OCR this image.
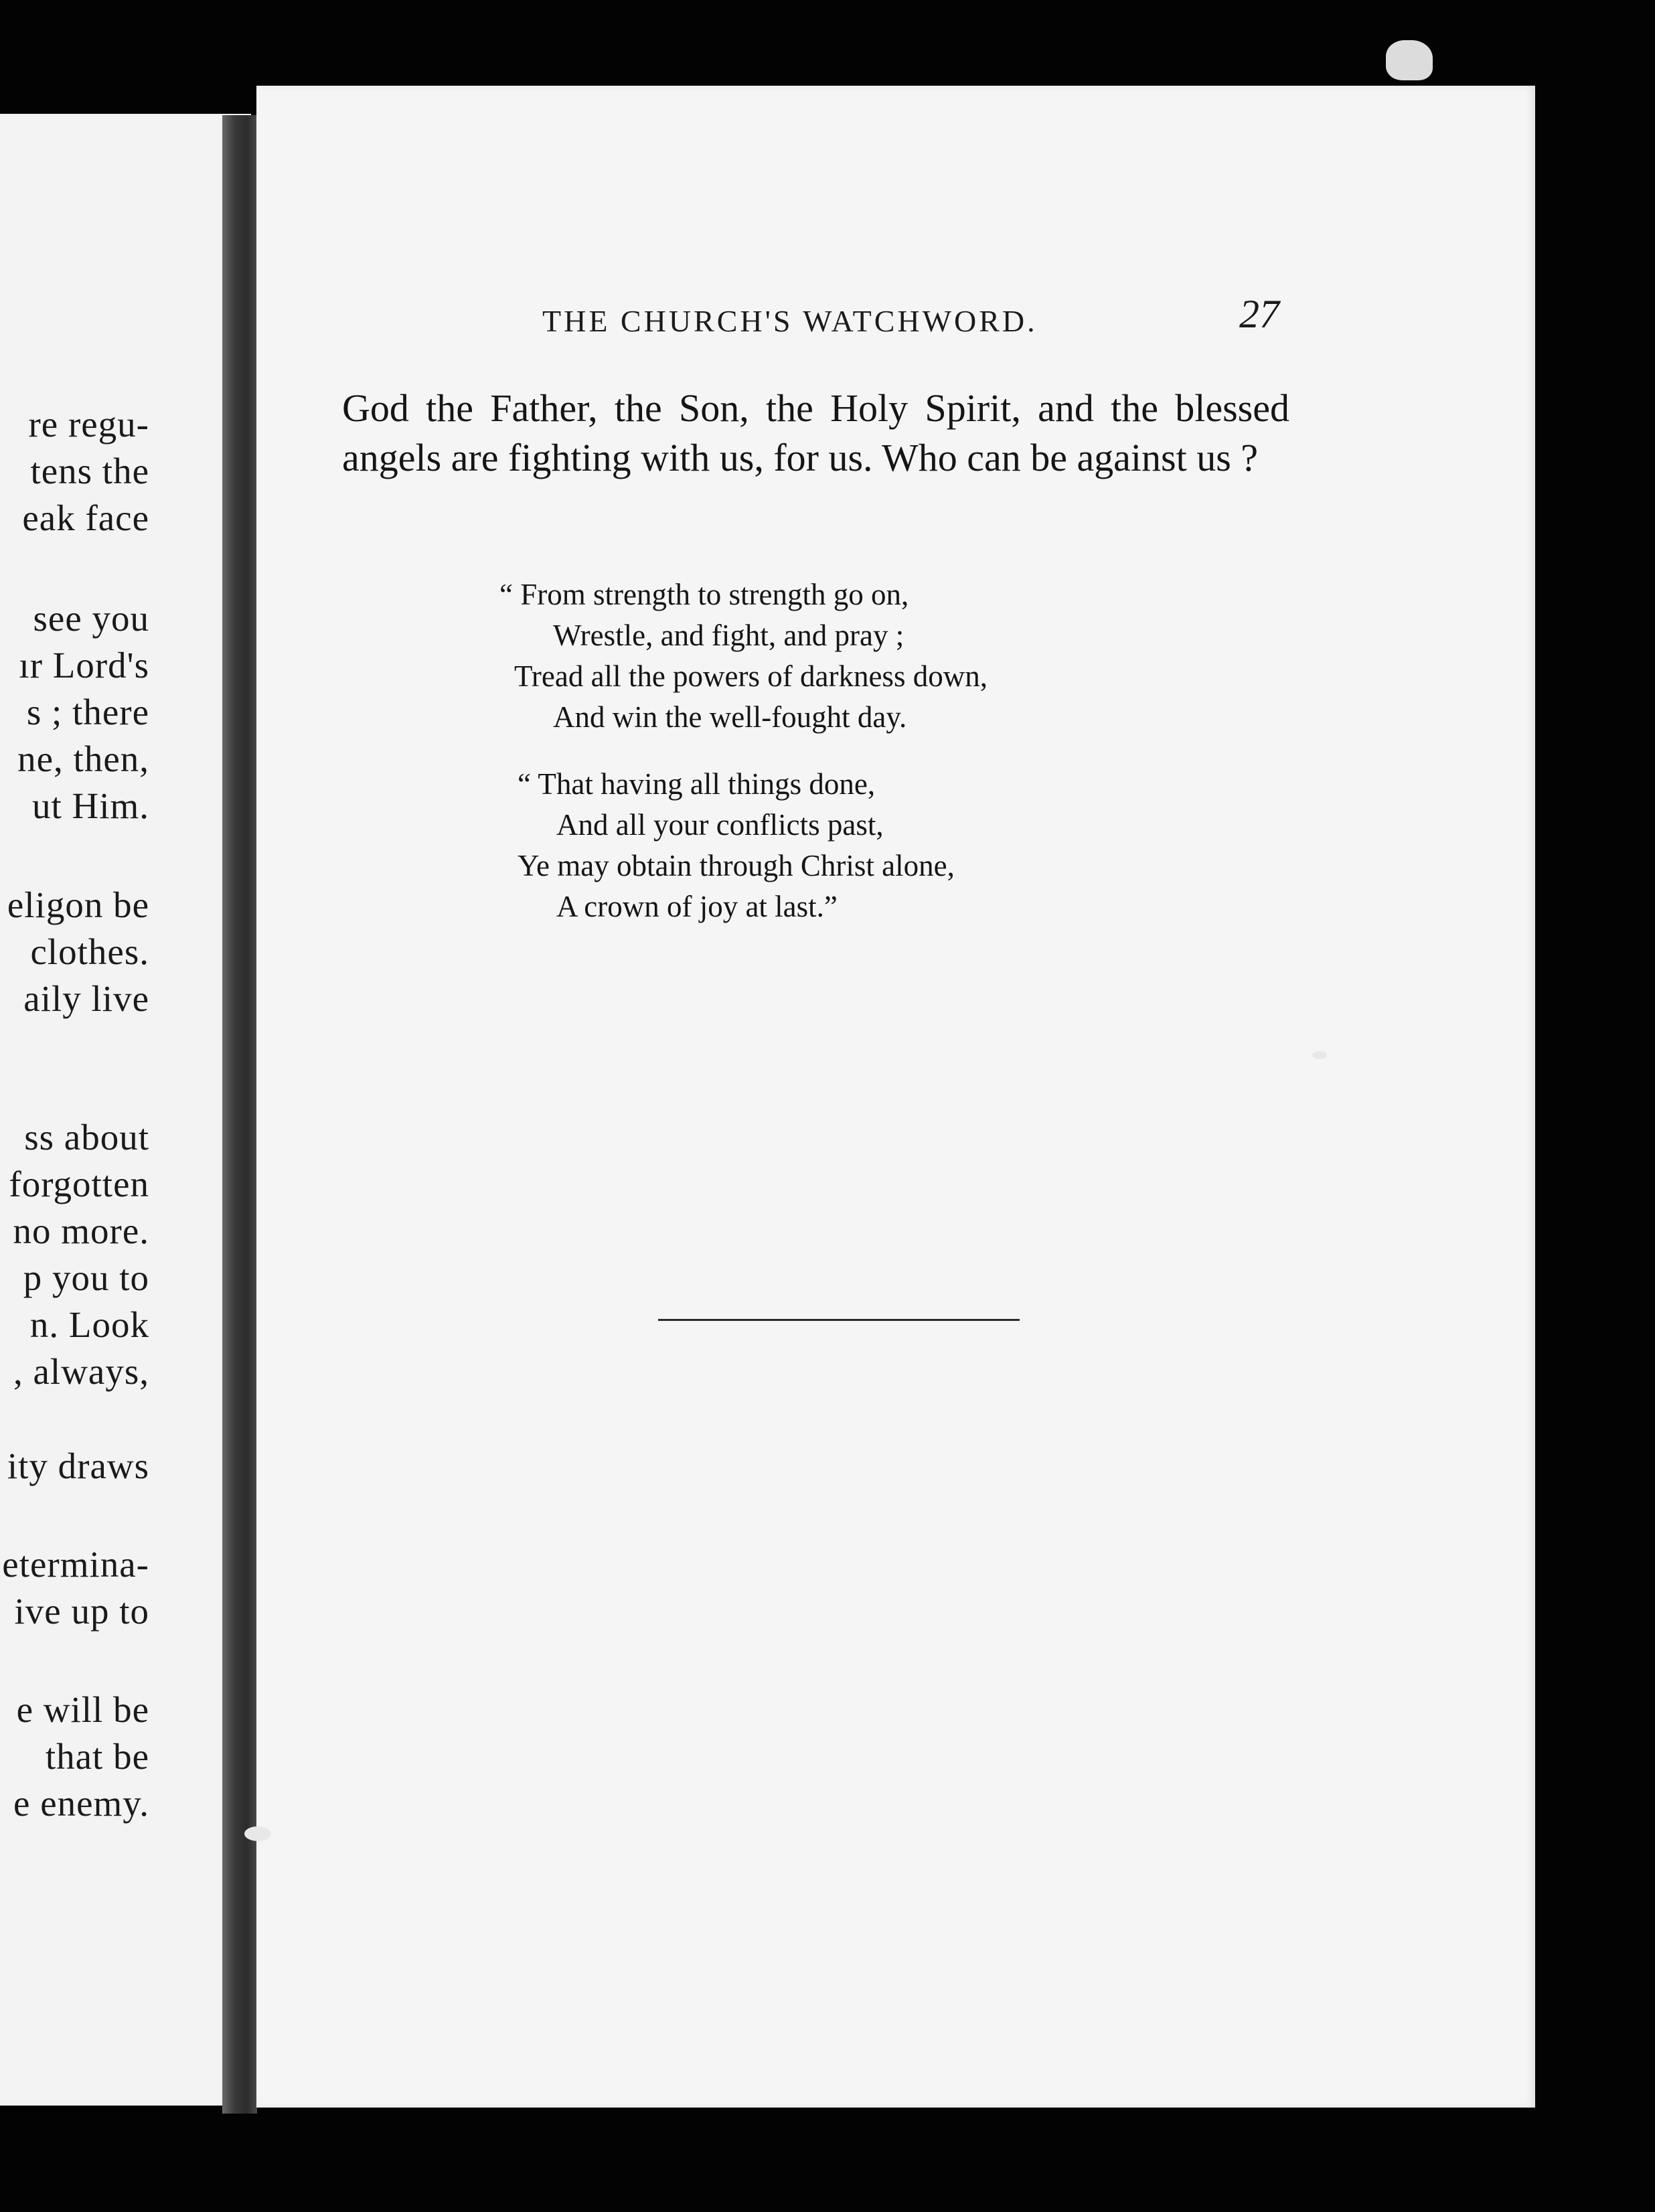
re regu-
tens the
eak face
see you
ır Lord's
s ; there
ne, then,
ut Him.
eligon be
clothes.
aily live
ss about
forgotten
no more.
p you to
n. Look
, always,
ity draws
etermina-
ive up to
e will be
that be
e enemy.
THE CHURCH'S WATCHWORD.	27

God the Father, the Son, the Holy Spirit, and the blessed angels are fighting with us, for us. Who can be against us ?

“ From strength to strength go on,
Wrestle, and fight, and pray ;
Tread all the powers of darkness down,
And win the well-fought day.
“ That having all things done,
And all your conflicts past,
Ye may obtain through Christ alone,
A crown of joy at last.”
